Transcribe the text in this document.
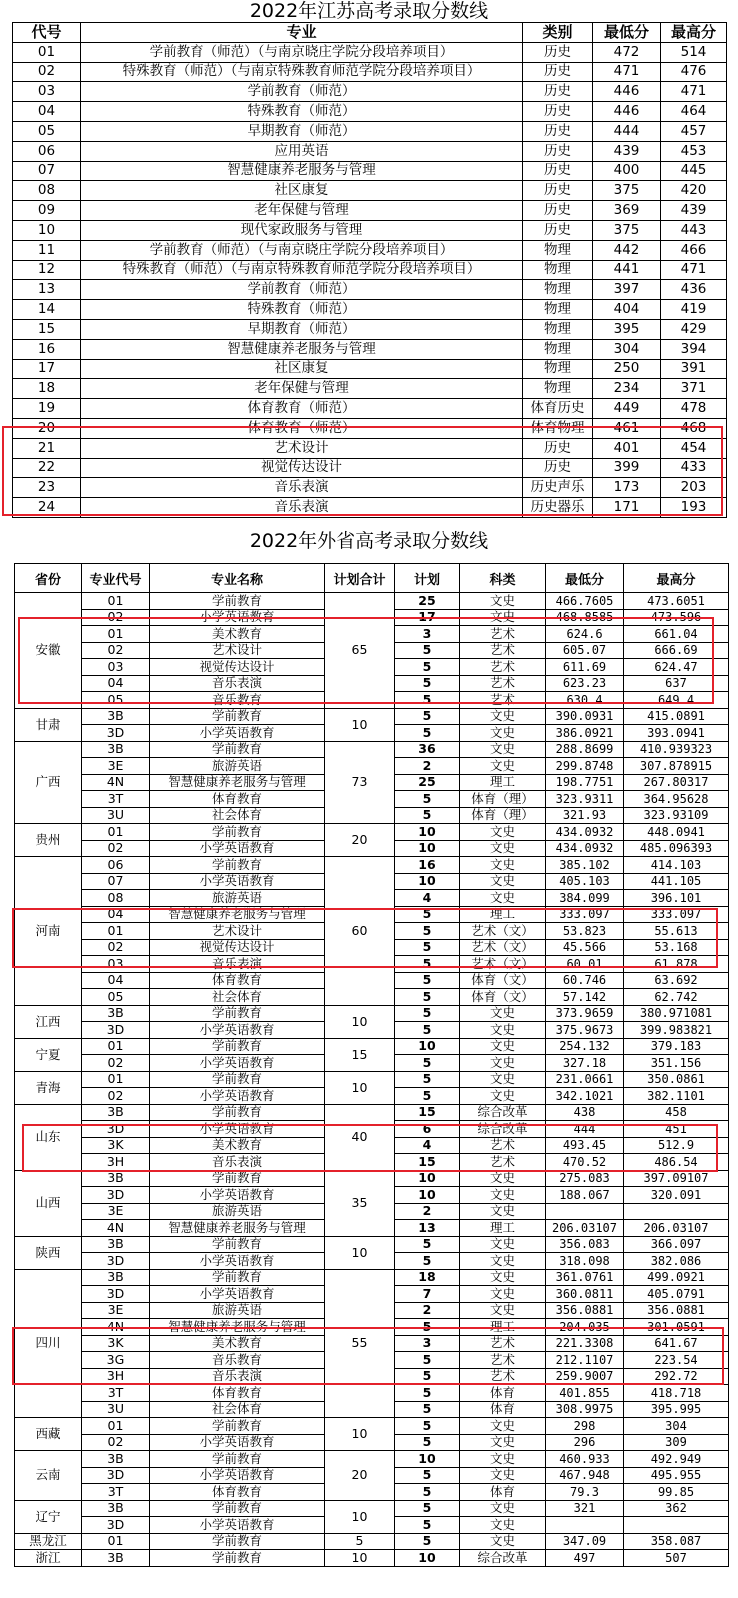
2022年江苏高考录取分数线
代号	专业	类别	最低分	最高分
01	学前教育（师范）（与南京晓庄学院分段培养项目）	历史	472	514
02	特殊教育（师范）（与南京特殊教育师范学院分段培养项目）	历史	471	476
03	学前教育（师范）	历史	446	471
04	特殊教育（师范）	历史	446	464
05	早期教育（师范）	历史	444	457
06	应用英语	历史	439	453
07	智慧健康养老服务与管理	历史	400	445
08	社区康复	历史	375	420
09	老年保健与管理	历史	369	439
10	现代家政服务与管理	历史	375	443
11	学前教育（师范）（与南京晓庄学院分段培养项目）	物理	442	466
12	特殊教育（师范）（与南京特殊教育师范学院分段培养项目）	物理	441	471
13	学前教育（师范）	物理	397	436
14	特殊教育（师范）	物理	404	419
15	早期教育（师范）	物理	395	429
16	智慧健康养老服务与管理	物理	304	394
17	社区康复	物理	250	391
18	老年保健与管理	物理	234	371
19	体育教育（师范）	体育历史	449	478
20	体育教育（师范）	体育物理	461	468
21	艺术设计	历史	401	454
22	视觉传达设计	历史	399	433
23	音乐表演	历史声乐	173	203
24	音乐表演	历史器乐	171	193
2022年外省高考录取分数线
省份	专业代号	专业名称	计划合计	计划	科类	最低分	最高分
安徽	01	学前教育	65	25	文史	466.7605	473.6051
	02	小学英语教育		17	文史	468.8585	473.596
	01	美术教育		3	艺术	624.6	661.04
	02	艺术设计		5	艺术	605.07	666.69
	03	视觉传达设计		5	艺术	611.69	624.47
	04	音乐表演		5	艺术	623.23	637
	05	音乐教育		5	艺术	630.4	649.4
甘肃	3B	学前教育	10	5	文史	390.0931	415.0891
	3D	小学英语教育		5	文史	386.0921	393.0941
广西	3B	学前教育	73	36	文史	288.8699	410.939323
	3E	旅游英语		2	文史	299.8748	307.878915
	4N	智慧健康养老服务与管理		25	理工	198.7751	267.80317
	3T	体育教育		5	体育（理）	323.9311	364.95628
	3U	社会体育		5	体育（理）	321.93	323.93109
贵州	01	学前教育	20	10	文史	434.0932	448.0941
	02	小学英语教育		10	文史	434.0932	485.096393
河南	06	学前教育	60	16	文史	385.102	414.103
	07	小学英语教育		10	文史	405.103	441.105
	08	旅游英语		4	文史	384.099	396.101
	04	智慧健康养老服务与管理		5	理工	333.097	333.097
	01	艺术设计		5	艺术（文）	53.823	55.613
	02	视觉传达设计		5	艺术（文）	45.566	53.168
	03	音乐表演		5	艺术（文）	60.01	61.878
	04	体育教育		5	体育（文）	60.746	63.692
	05	社会体育		5	体育（文）	57.142	62.742
江西	3B	学前教育	10	5	文史	373.9659	380.971081
	3D	小学英语教育		5	文史	375.9673	399.983821
宁夏	01	学前教育	15	10	文史	254.132	379.183
	02	小学英语教育		5	文史	327.18	351.156
青海	01	学前教育	10	5	文史	231.0661	350.0861
	02	小学英语教育		5	文史	342.1021	382.1101
山东	3B	学前教育	40	15	综合改革	438	458
	3D	小学英语教育		6	综合改革	444	451
	3K	美术教育		4	艺术	493.45	512.9
	3H	音乐表演		15	艺术	470.52	486.54
山西	3B	学前教育	35	10	文史	275.083	397.09107
	3D	小学英语教育		10	文史	188.067	320.091
	3E	旅游英语		2	文史		
	4N	智慧健康养老服务与管理		13	理工	206.03107	206.03107
陕西	3B	学前教育	10	5	文史	356.083	366.097
	3D	小学英语教育		5	文史	318.098	382.086
四川	3B	学前教育	55	18	文史	361.0761	499.0921
	3D	小学英语教育		7	文史	360.0811	405.0791
	3E	旅游英语		2	文史	356.0881	356.0881
	4N	智慧健康养老服务与管理		5	理工	204.035	301.0591
	3K	美术教育		3	艺术	221.3308	641.67
	3G	音乐教育		5	艺术	212.1107	223.54
	3H	音乐表演		5	艺术	259.9007	292.72
	3T	体育教育		5	体育	401.855	418.718
	3U	社会体育		5	体育	308.9975	395.995
西藏	01	学前教育	10	5	文史	298	304
	02	小学英语教育		5	文史	296	309
云南	3B	学前教育	20	10	文史	460.933	492.949
	3D	小学英语教育		5	文史	467.948	495.955
	3T	体育教育		5	体育	79.3	99.85
辽宁	3B	学前教育	10	5	文史	321	362
	3D	小学英语教育		5	文史		
黑龙江	01	学前教育	5	5	文史	347.09	358.087
浙江	3B	学前教育	10	10	综合改革	497	507
